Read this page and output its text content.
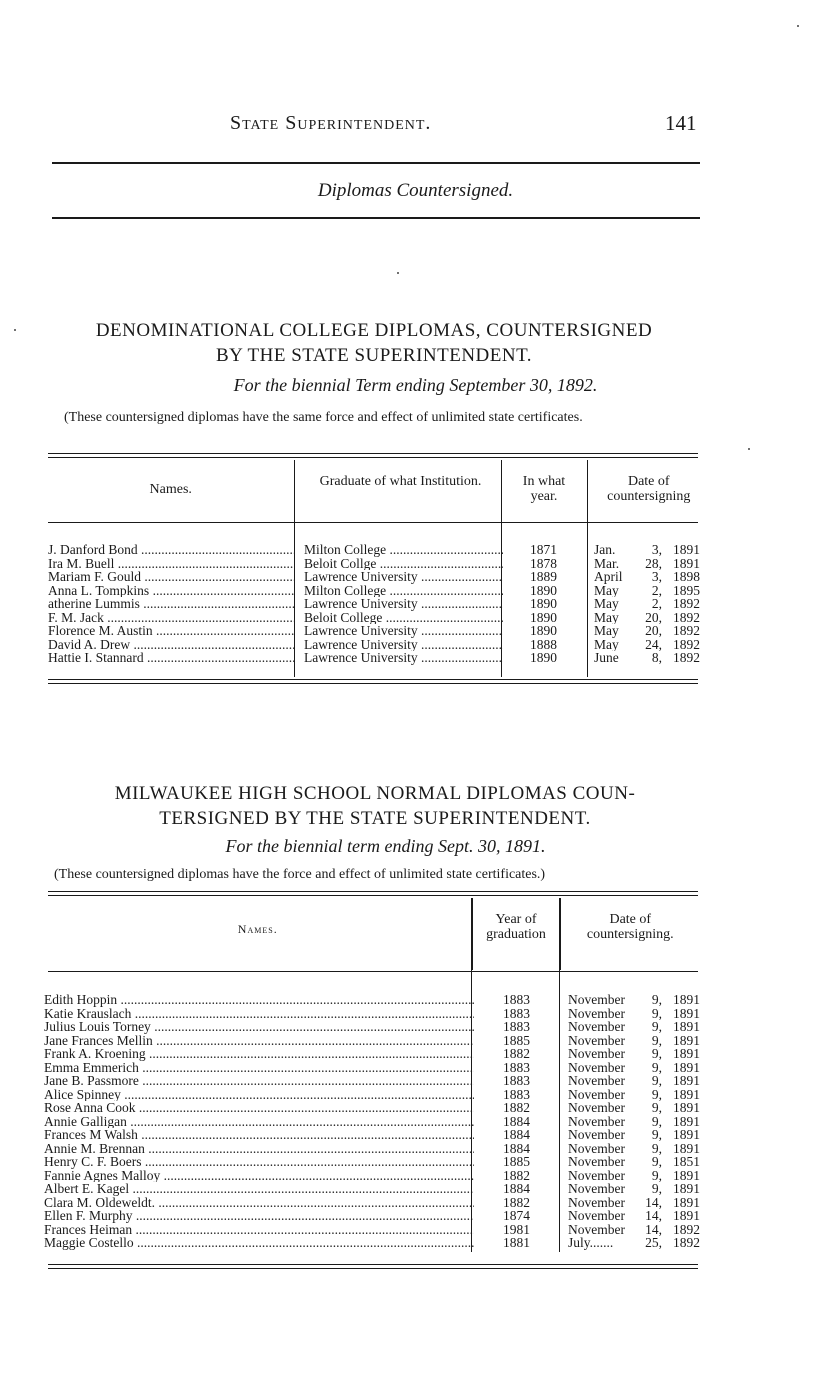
State Superintendent.	141
Diplomas Countersigned.
DENOMINATIONAL COLLEGE DIPLOMAS, COUNTERSIGNED
BY THE STATE SUPERINTENDENT.
For the biennial Term ending September 30, 1892.
(These countersigned diplomas have the same force and effect of unlimited state certificates.
Names.	Graduate of what Institution.	In what year.	Date of countersigning
J. Danford Bond .....	Milton College .....	1871	Jan. 3, 1891
Ira M. Buell .....	Beloit Collge .....	1878	Mar. 28, 1891
Mariam F. Gould .....	Lawrence University .....	1889	April 3, 1898
Anna L. Tompkins .....	Milton College .....	1890	May 2, 1895
atherine Lummis .....	Lawrence University .....	1890	May 2, 1892
F. M. Jack .....	Beloit College .....	1890	May 20, 1892
Florence M. Austin .....	Lawrence University .....	1890	May 20, 1892
David A. Drew .....	Lawrence University .....	1888	May 24, 1892
Hattie I. Stannard .....	Lawrence University .....	1890	June 8, 1892
MILWAUKEE HIGH SCHOOL NORMAL DIPLOMAS COUN-
TERSIGNED BY THE STATE SUPERINTENDENT.
For the biennial term ending Sept. 30, 1891.
(These countersigned diplomas have the force and effect of unlimited state certificates.)
Names.	Year of graduation	Date of countersigning.
Edith Hoppin .....	1883	November 9, 1891
Katie Krauslach .....	1883	November 9, 1891
Julius Louis Torney .....	1883	November 9, 1891
Jane Frances Mellin .....	1885	November 9, 1891
Frank A. Kroening .....	1882	November 9, 1891
Emma Emmerich .....	1883	November 9, 1891
Jane B. Passmore .....	1883	November 9, 1891
Alice Spinney .....	1883	November 9, 1891
Rose Anna Cook .....	1882	November 9, 1891
Annie Galligan .....	1884	November 9, 1891
Frances M Walsh .....	1884	November 9, 1891
Annie M. Brennan .....	1884	November 9, 1891
Henry C. F. Boers .....	1885	November 9, 1851
Fannie Agnes Malloy .....	1882	November 9, 1891
Albert E. Kagel .....	1884	November 9, 1891
Clara M. Oldeweldt. .....	1882	November 14, 1891
Ellen F. Murphy .....	1874	November 14, 1891
Frances Heiman .....	1981	November 14, 1892
Maggie Costello .....	1881	July....... 25, 1892
